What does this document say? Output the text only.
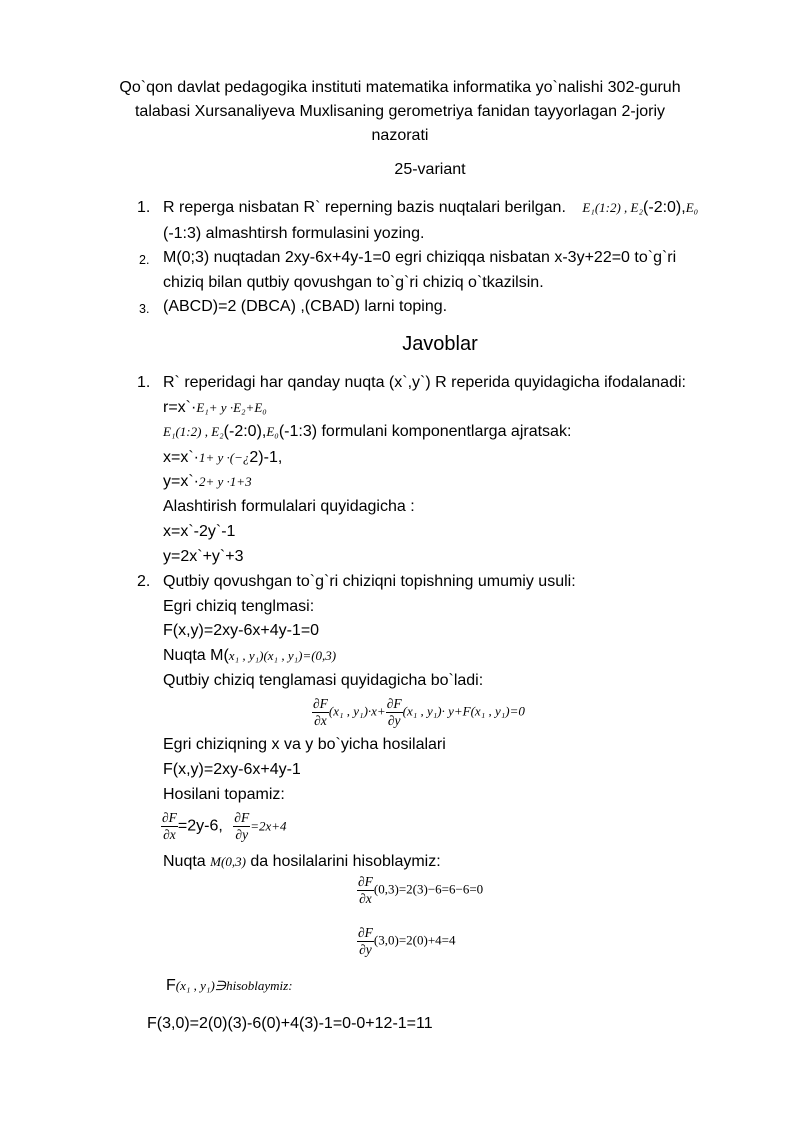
Qo`qon davlat pedagogika instituti matematika informatika yo`nalishi 302-guruh
talabasi Xursanaliyeva Muxlisaning gerometriya fanidan tayyorlagan 2-joriy
nazorati
25-variant
1. R reperga nisbatan R` reperning bazis nuqtalari berilgan. E₁(1:2) , E₂(-2:0),E₀
(-1:3) almashtirsh formulasini yozing.
2. M(0;3) nuqtadan 2xy-6x+4y-1=0 egri chiziqqa nisbatan x-3y+22=0 to`g`ri
chiziq bilan qutbiy qovushgan to`g`ri chiziq o`tkazilsin.
3. (ABCD)=2 (DBCA) ,(CBAD) larni toping.
Javoblar
1. R` reperidagi har qanday nuqta (x`,y`) R reperida quyidagicha ifodalanadi:
r=x`·E₁+ y ·E₂+E₀
E₁(1:2) , E₂(-2:0),E₀(-1:3) formulani komponentlarga ajratsak:
x=x`·1+ y ·(−¿2)-1,
y=x`·2+ y ·1+3
Alashtirish formulalari quyidagicha :
x=x`-2y`-1
y=2x`+y`+3
2. Qutbiy qovushgan to`g`ri chiziqni topishning umumiy usuli:
Egri chiziq tenglmasi:
F(x,y)=2xy-6x+4y-1=0
Nuqta M(x₁ , y₁)(x₁ , y₁)=(0,3)
Qutbiy chiziq tenglamasi quyidagicha bo`ladi:
$\frac{\partial F}{\partial x} (x_1$ , $y_1)\cdot x+ \frac{\partial F}{\partial y} (x_1$ , y₁)· y+F(x₁ , y₁)=0
Egri chiziqning x va y bo`yicha hosilalari
F(x,y)=2xy-6x+4y-1
Hosilani topamiz:
$\frac{\partial F}{\partial x} =2y-6$, $\frac{\partial F}{\partial y} =2x+4$
Nuqta M(0,3) da hosilalarini hisoblaymiz:
$\frac{\partial F}{\partial x} (0,3)=2(3)-6=6-6=0$
$\frac{\partial F}{\partial y} (3,0)=2(0)+4=4$
F(x₁ , y₁)∋hisoblaymiz:
F(3,0)=2(0)(3)-6(0)+4(3)-1=0-0+12-1=11
